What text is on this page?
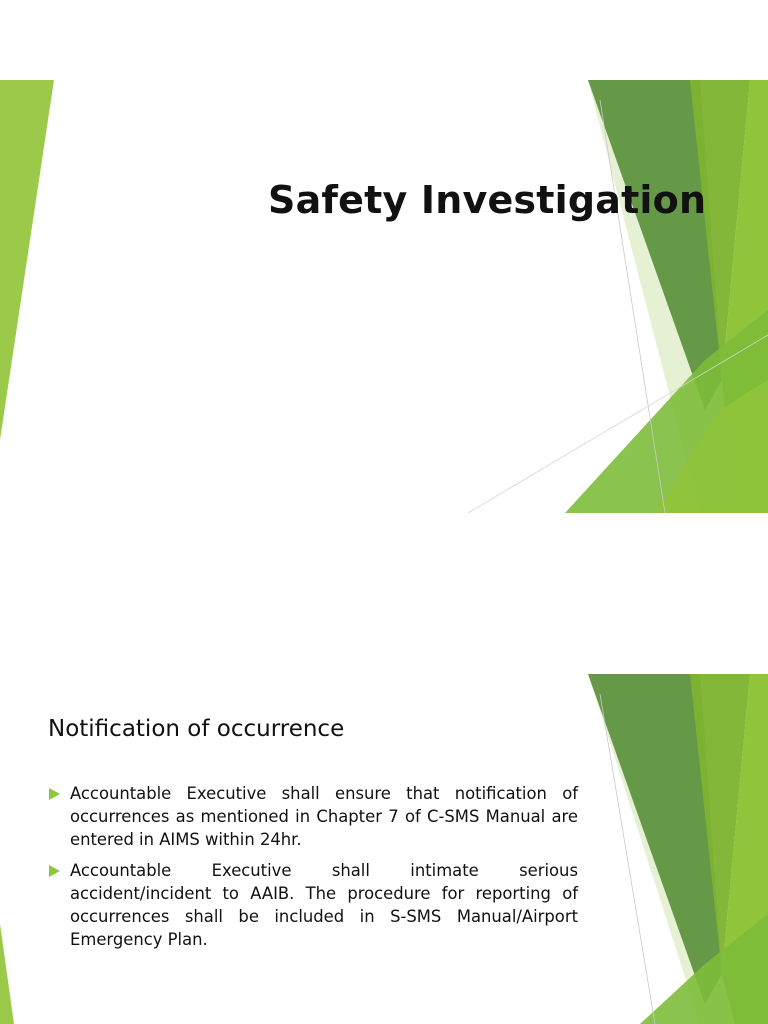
Safety Investigation
Notification of occurrence
Accountable Executive shall ensure that notification of occurrences as mentioned in Chapter 7 of C-SMS Manual are entered in AIMS within 24hr.
Accountable Executive shall intimate serious accident/incident to AAIB. The procedure for reporting of occurrences shall be included in S-SMS Manual/Airport Emergency Plan.
